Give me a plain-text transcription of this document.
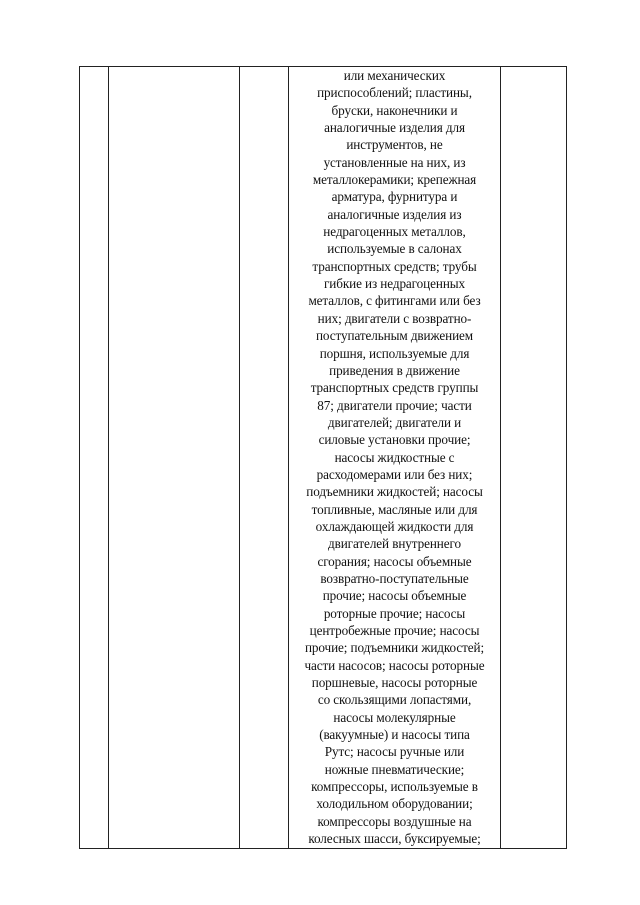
или механических
приспособлений; пластины,
бруски, наконечники и
аналогичные изделия для
инструментов, не
установленные на них, из
металлокерамики; крепежная
арматура, фурнитура и
аналогичные изделия из
недрагоценных металлов,
используемые в салонах
транспортных средств; трубы
гибкие из недрагоценных
металлов, с фитингами или без
них; двигатели с возвратно-
поступательным движением
поршня, используемые для
приведения в движение
транспортных средств группы
87; двигатели прочие; части
двигателей; двигатели и
силовые установки прочие;
насосы жидкостные с
расходомерами или без них;
подъемники жидкостей; насосы
топливные, масляные или для
охлаждающей жидкости для
двигателей внутреннего
сгорания; насосы объемные
возвратно-поступательные
прочие; насосы объемные
роторные прочие; насосы
центробежные прочие; насосы
прочие; подъемники жидкостей;
части насосов; насосы роторные
поршневые, насосы роторные
со скользящими лопастями,
насосы молекулярные
(вакуумные) и насосы типа
Рутс; насосы ручные или
ножные пневматические;
компрессоры, используемые в
холодильном оборудовании;
компрессоры воздушные на
колесных шасси, буксируемые;
